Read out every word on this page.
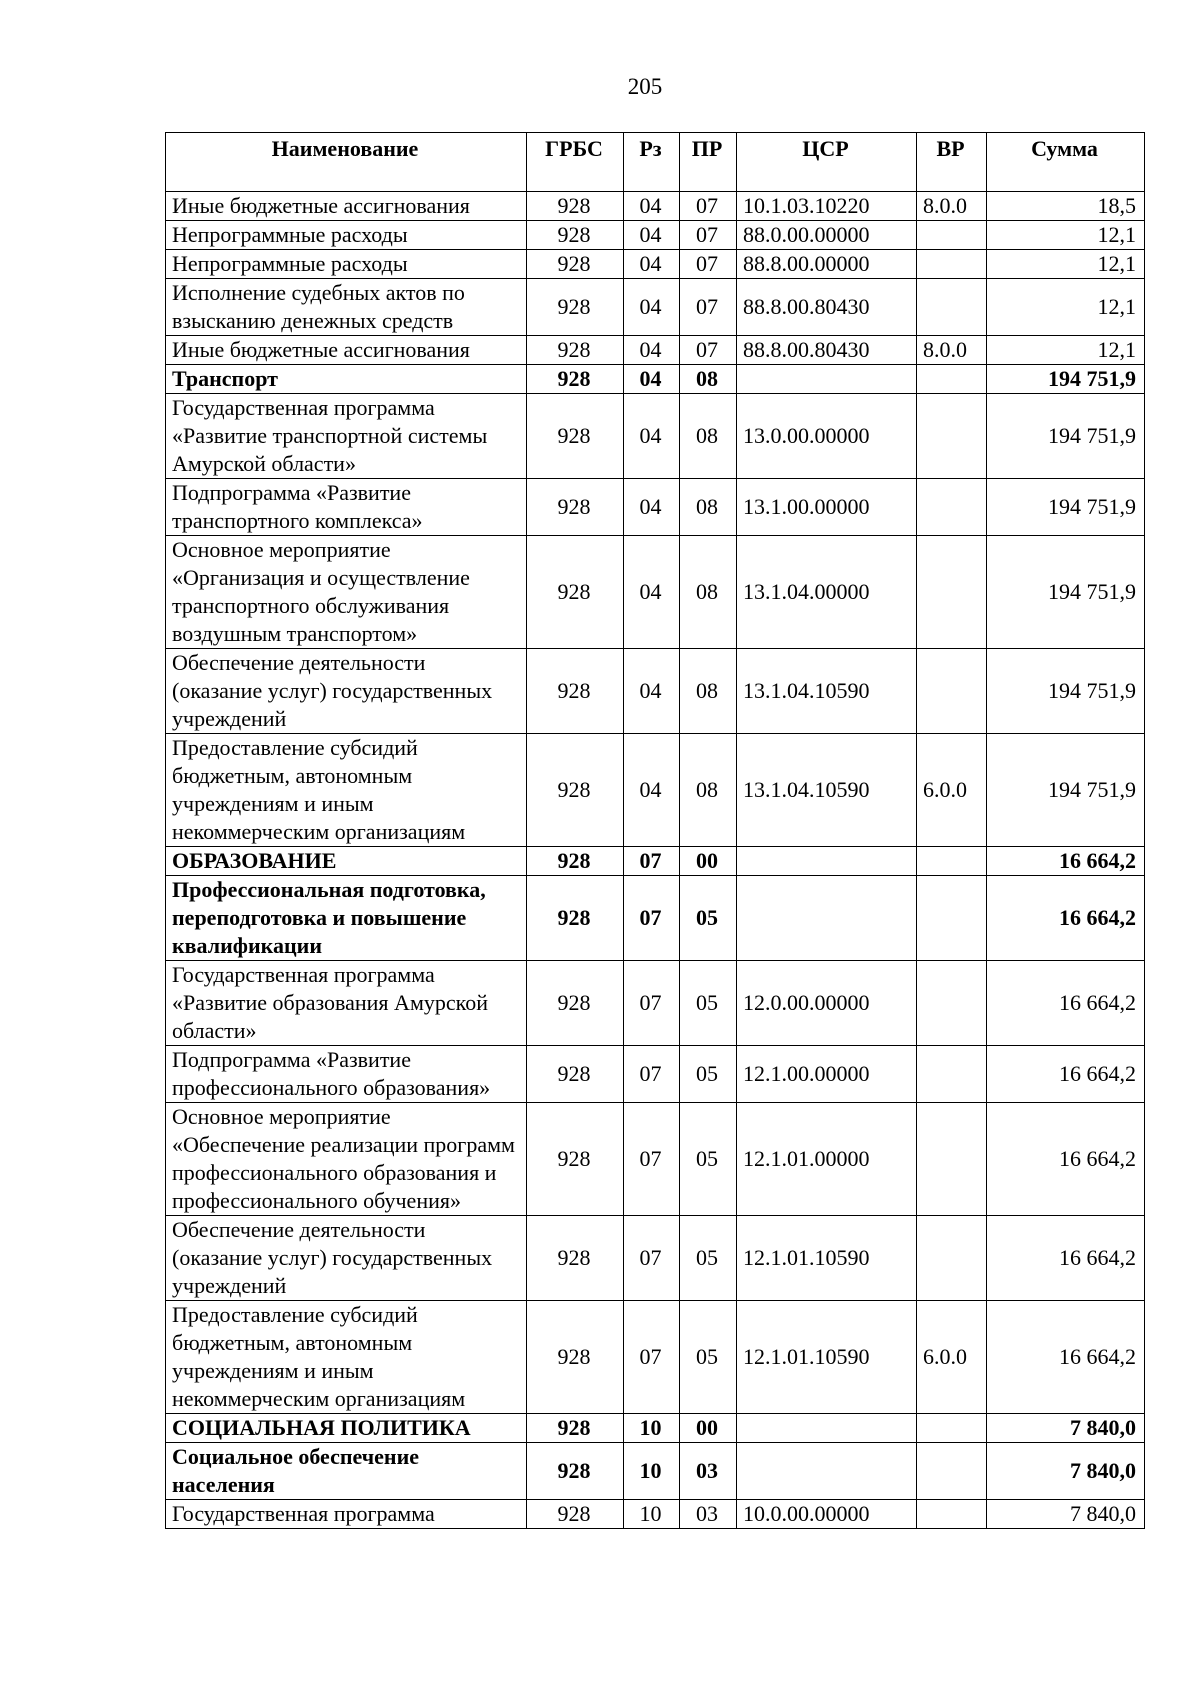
205
Наименование	ГРБС	Рз	ПР	ЦСР	ВР	Сумма
Иные бюджетные ассигнования	928	04	07	10.1.03.10220	8.0.0	18,5
Непрограммные расходы	928	04	07	88.0.00.00000		12,1
Непрограммные расходы	928	04	07	88.8.00.00000		12,1
Исполнение судебных актов по взысканию денежных средств	928	04	07	88.8.00.80430		12,1
Иные бюджетные ассигнования	928	04	07	88.8.00.80430	8.0.0	12,1
Транспорт	928	04	08			194 751,9
Государственная программа «Развитие транспортной системы Амурской области»	928	04	08	13.0.00.00000		194 751,9
Подпрограмма «Развитие транспортного комплекса»	928	04	08	13.1.00.00000		194 751,9
Основное мероприятие «Организация и осуществление транспортного обслуживания воздушным транспортом»	928	04	08	13.1.04.00000		194 751,9
Обеспечение деятельности (оказание услуг) государственных учреждений	928	04	08	13.1.04.10590		194 751,9
Предоставление субсидий бюджетным, автономным учреждениям и иным некоммерческим организациям	928	04	08	13.1.04.10590	6.0.0	194 751,9
ОБРАЗОВАНИЕ	928	07	00			16 664,2
Профессиональная подготовка, переподготовка и повышение квалификации	928	07	05			16 664,2
Государственная программа «Развитие образования Амурской области»	928	07	05	12.0.00.00000		16 664,2
Подпрограмма «Развитие профессионального образования»	928	07	05	12.1.00.00000		16 664,2
Основное мероприятие «Обеспечение реализации программ профессионального образования и профессионального обучения»	928	07	05	12.1.01.00000		16 664,2
Обеспечение деятельности (оказание услуг) государственных учреждений	928	07	05	12.1.01.10590		16 664,2
Предоставление субсидий бюджетным, автономным учреждениям и иным некоммерческим организациям	928	07	05	12.1.01.10590	6.0.0	16 664,2
СОЦИАЛЬНАЯ ПОЛИТИКА	928	10	00			7 840,0
Социальное обеспечение населения	928	10	03			7 840,0
Государственная программа	928	10	03	10.0.00.00000		7 840,0
